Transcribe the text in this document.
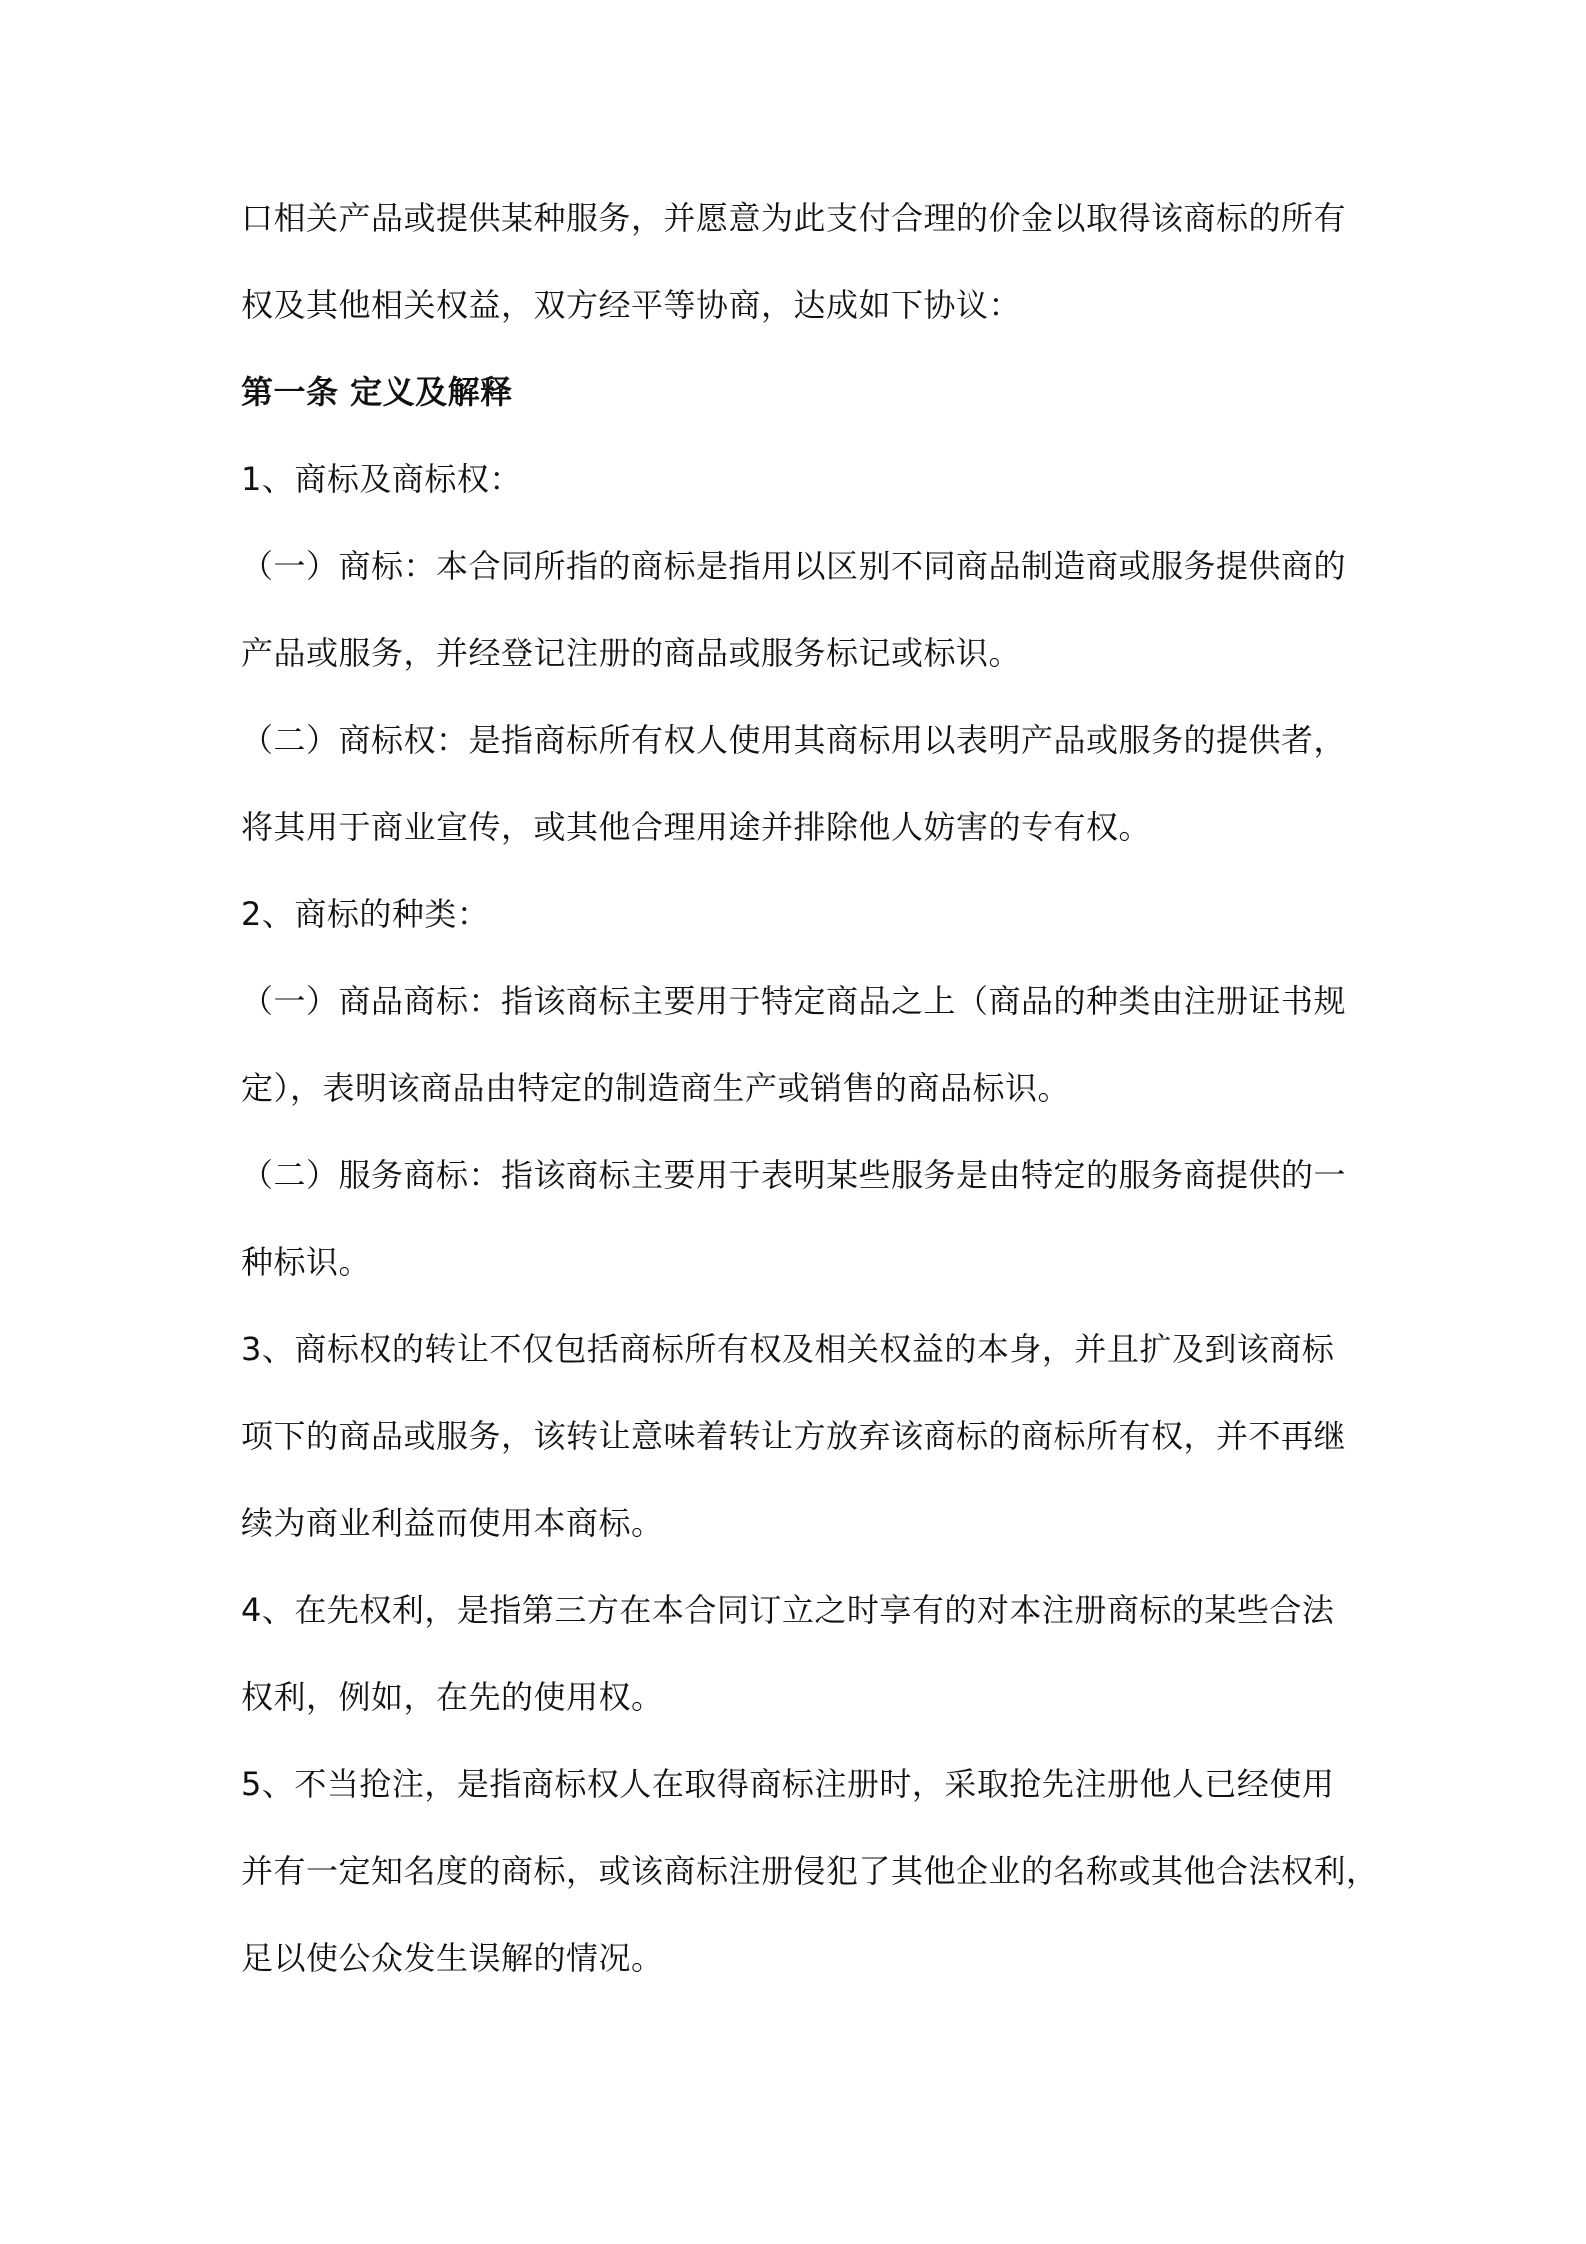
口相关产品或提供某种服务，并愿意为此支付合理的价金以取得该商标的所有
权及其他相关权益，双方经平等协商，达成如下协议：
第一条 定义及解释
1、商标及商标权：
（一）商标：本合同所指的商标是指用以区别不同商品制造商或服务提供商的
产品或服务，并经登记注册的商品或服务标记或标识。
（二）商标权：是指商标所有权人使用其商标用以表明产品或服务的提供者，
将其用于商业宣传，或其他合理用途并排除他人妨害的专有权。
2、商标的种类：
（一）商品商标：指该商标主要用于特定商品之上（商品的种类由注册证书规
定），表明该商品由特定的制造商生产或销售的商品标识。
（二）服务商标：指该商标主要用于表明某些服务是由特定的服务商提供的一
种标识。
3、商标权的转让不仅包括商标所有权及相关权益的本身，并且扩及到该商标
项下的商品或服务，该转让意味着转让方放弃该商标的商标所有权，并不再继
续为商业利益而使用本商标。
4、在先权利，是指第三方在本合同订立之时享有的对本注册商标的某些合法
权利，例如，在先的使用权。
5、不当抢注，是指商标权人在取得商标注册时，采取抢先注册他人已经使用
并有一定知名度的商标，或该商标注册侵犯了其他企业的名称或其他合法权利，
足以使公众发生误解的情况。
